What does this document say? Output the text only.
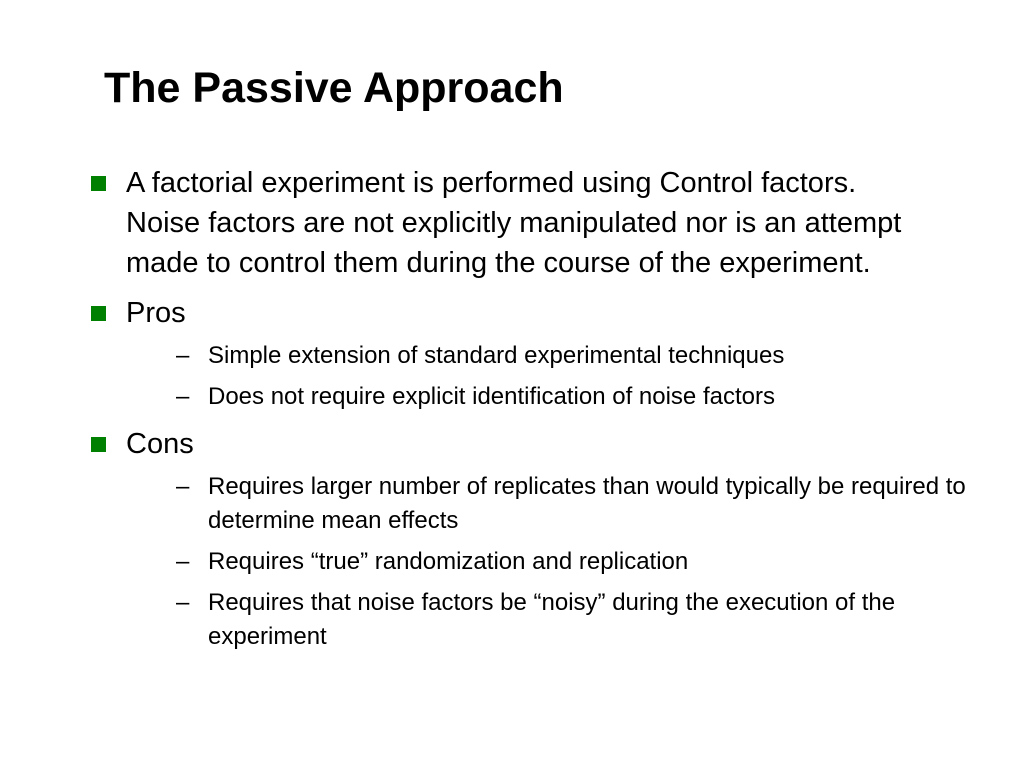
The Passive Approach
A factorial experiment is performed using Control factors. Noise factors are not explicitly manipulated nor is an attempt made to control them during the course of the experiment.
Pros
– Simple extension of standard experimental techniques
– Does not require explicit identification of noise factors
Cons
– Requires larger number of replicates than would typically be required to determine mean effects
– Requires “true” randomization and replication
– Requires that noise factors be “noisy” during the execution of the experiment
